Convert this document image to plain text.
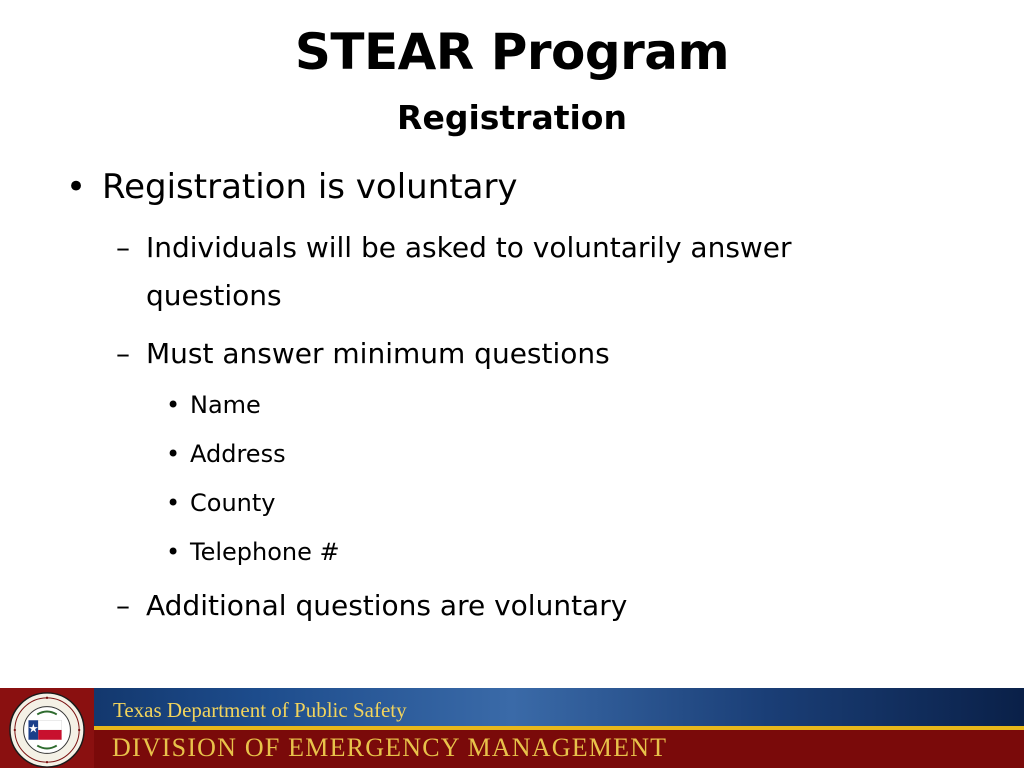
STEAR Program
Registration
• Registration is voluntary
– Individuals will be asked to voluntarily answer questions
– Must answer minimum questions
• Name
• Address
• County
• Telephone #
– Additional questions are voluntary
Texas Department of Public Safety
DIVISION OF EMERGENCY MANAGEMENT
